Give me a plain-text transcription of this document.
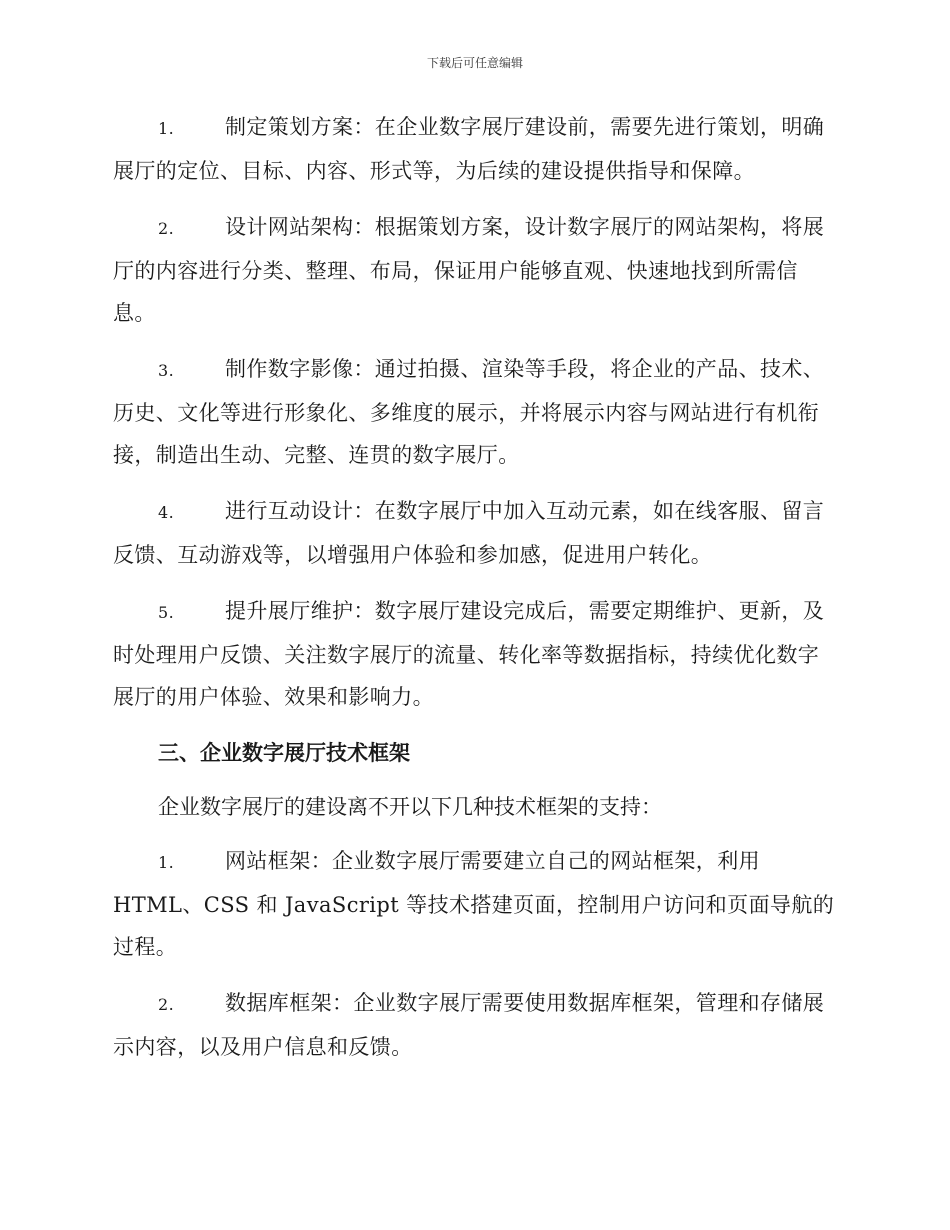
下载后可任意编辑

1. 制定策划方案：在企业数字展厅建设前，需要先进行策划，明确展厅的定位、目标、内容、形式等，为后续的建设提供指导和保障。

2. 设计网站架构：根据策划方案，设计数字展厅的网站架构，将展厅的内容进行分类、整理、布局，保证用户能够直观、快速地找到所需信息。

3. 制作数字影像：通过拍摄、渲染等手段，将企业的产品、技术、历史、文化等进行形象化、多维度的展示，并将展示内容与网站进行有机衔接，制造出生动、完整、连贯的数字展厅。

4. 进行互动设计：在数字展厅中加入互动元素，如在线客服、留言反馈、互动游戏等，以增强用户体验和参加感，促进用户转化。

5. 提升展厅维护：数字展厅建设完成后，需要定期维护、更新，及时处理用户反馈、关注数字展厅的流量、转化率等数据指标，持续优化数字展厅的用户体验、效果和影响力。

三、企业数字展厅技术框架

企业数字展厅的建设离不开以下几种技术框架的支持：

1. 网站框架：企业数字展厅需要建立自己的网站框架，利用 HTML、CSS 和 JavaScript 等技术搭建页面，控制用户访问和页面导航的过程。

2. 数据库框架：企业数字展厅需要使用数据库框架，管理和存储展示内容，以及用户信息和反馈。
